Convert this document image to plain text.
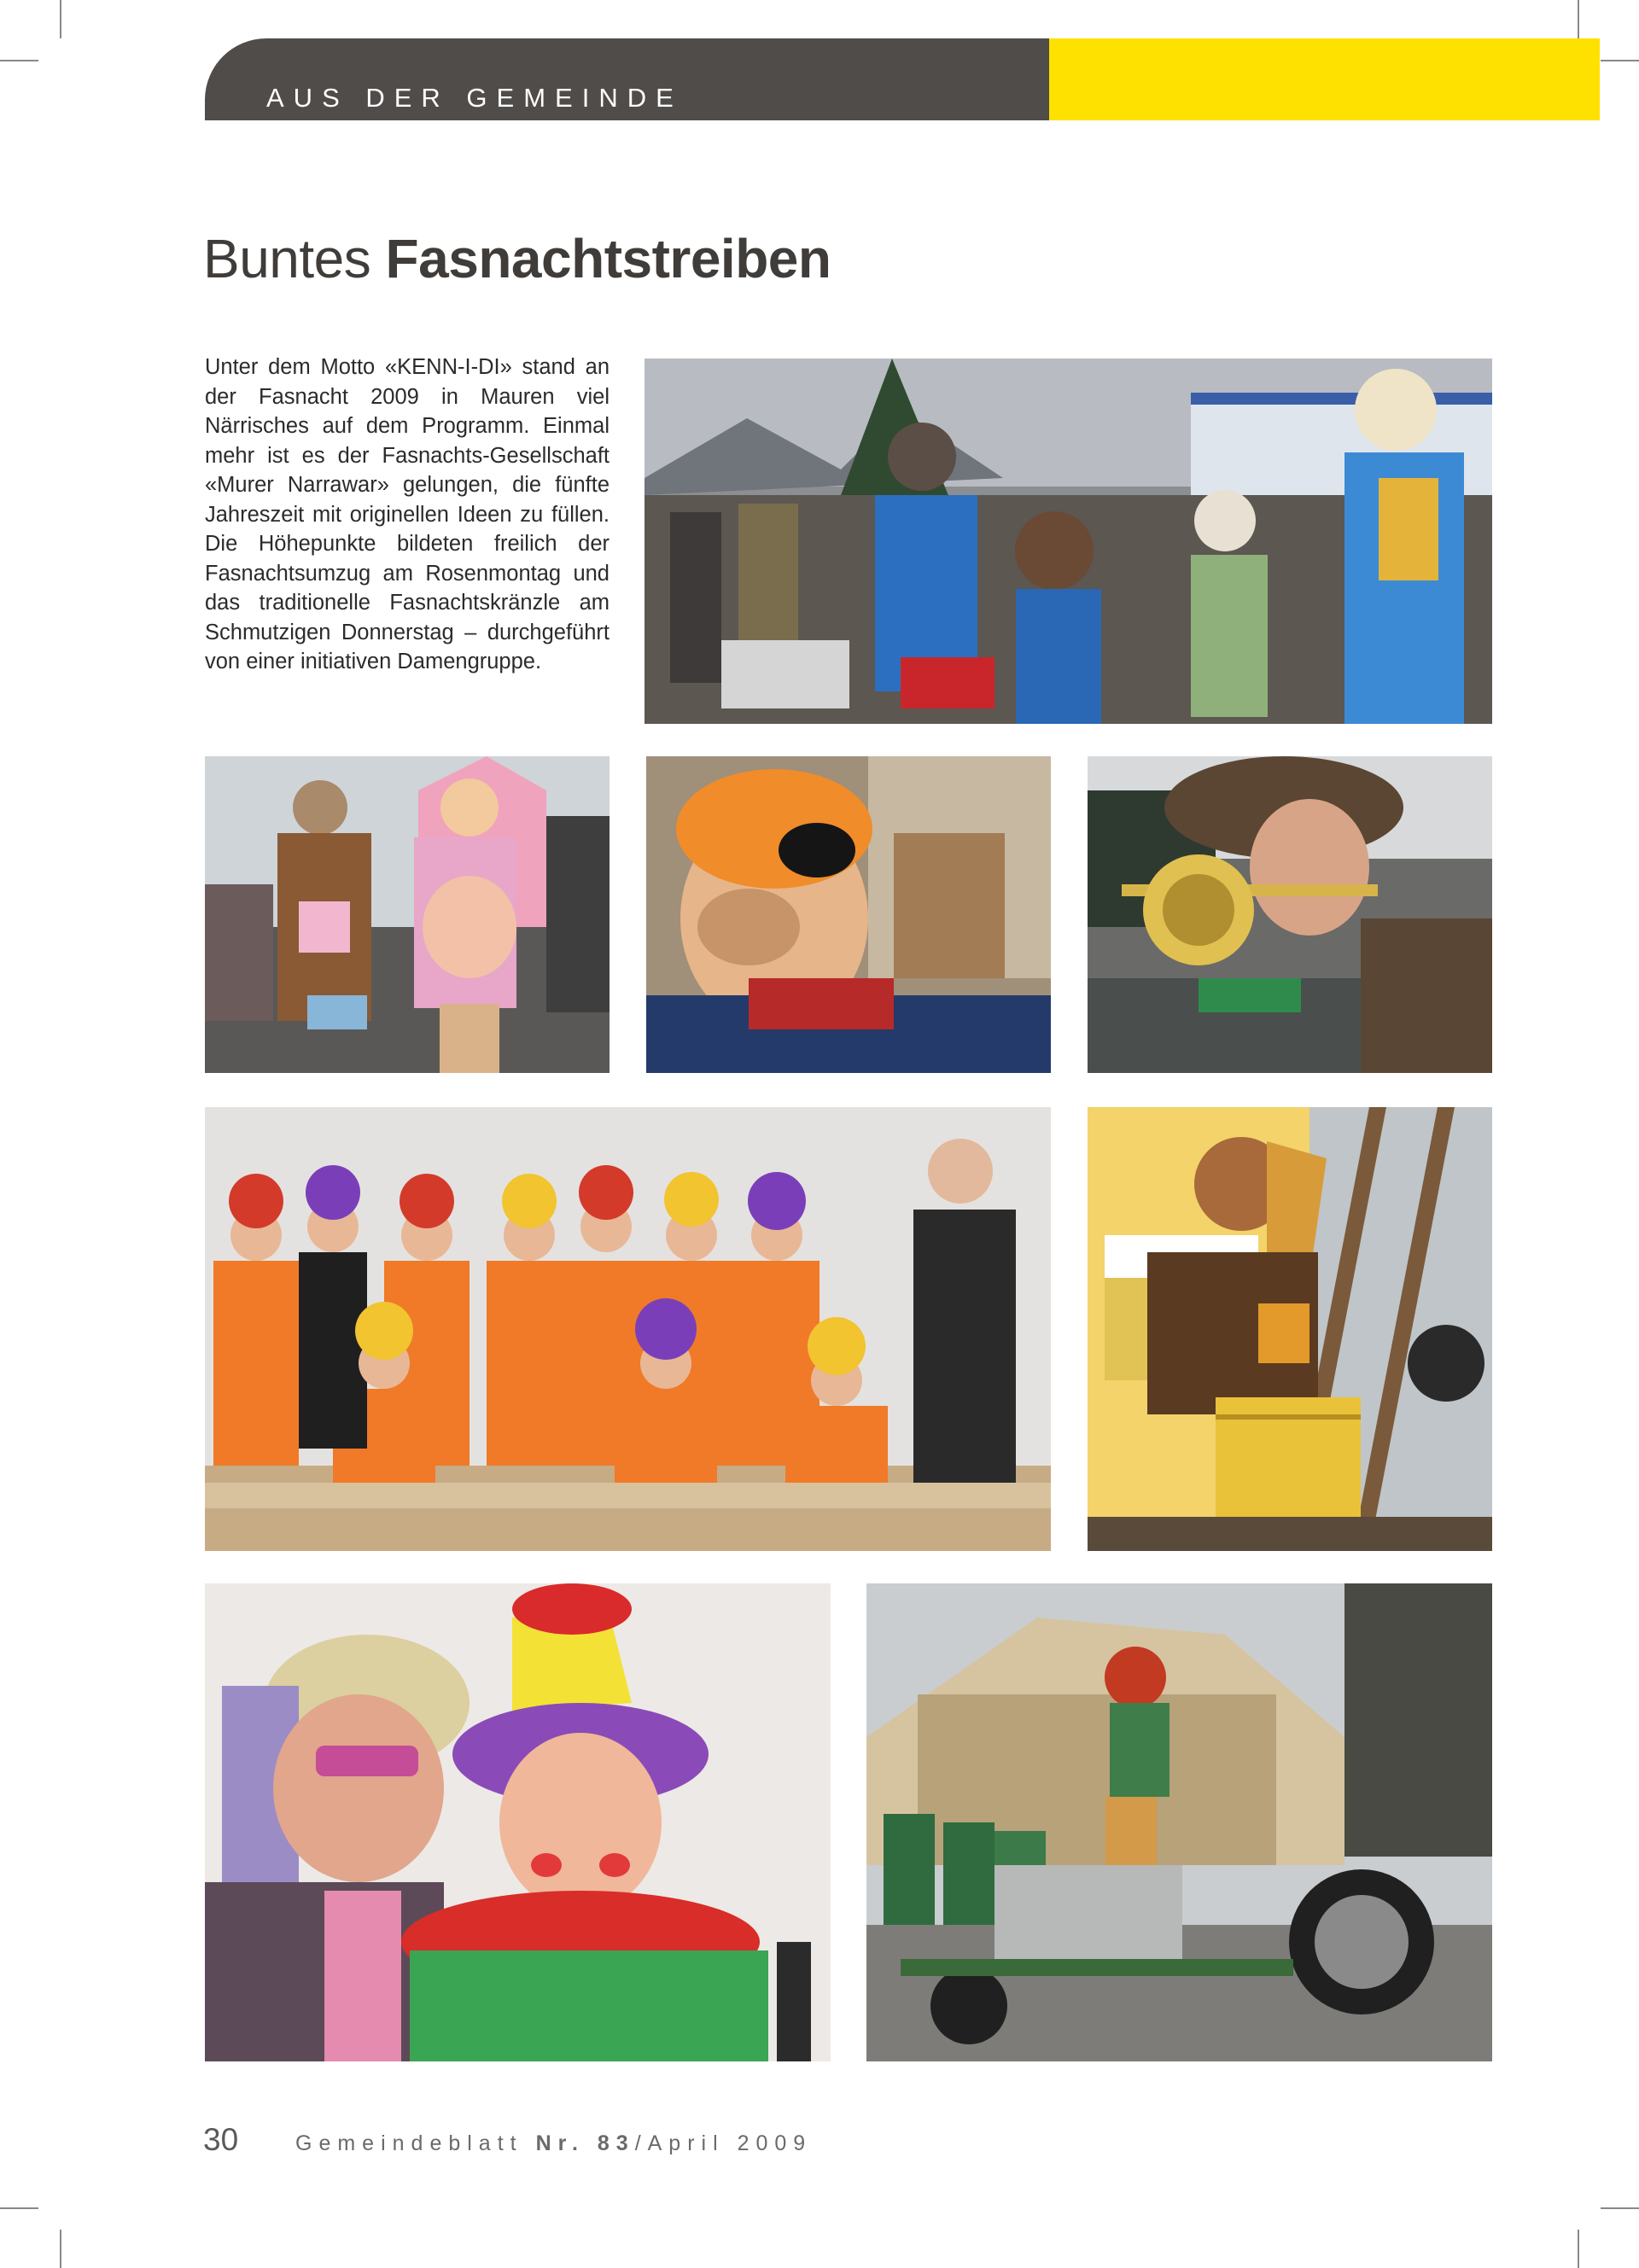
AUS DER GEMEINDE
Buntes Fasnachtstreiben
Unter dem Motto «KENN-I-DI» stand an der Fasnacht 2009 in Mauren viel Närrisches auf dem Programm. Einmal mehr ist es der Fasnachts-Gesellschaft «Murer Narrawar» gelungen, die fünfte Jahreszeit mit originellen Ideen zu füllen. Die Höhepunkte bildeten freilich der Fasnachtsumzug am Rosenmontag und das traditionelle Fasnachtskränzle am Schmutzigen Donnerstag – durchgeführt von einer initiativen Damengruppe.
30	Gemeindeblatt Nr. 83/April 2009
